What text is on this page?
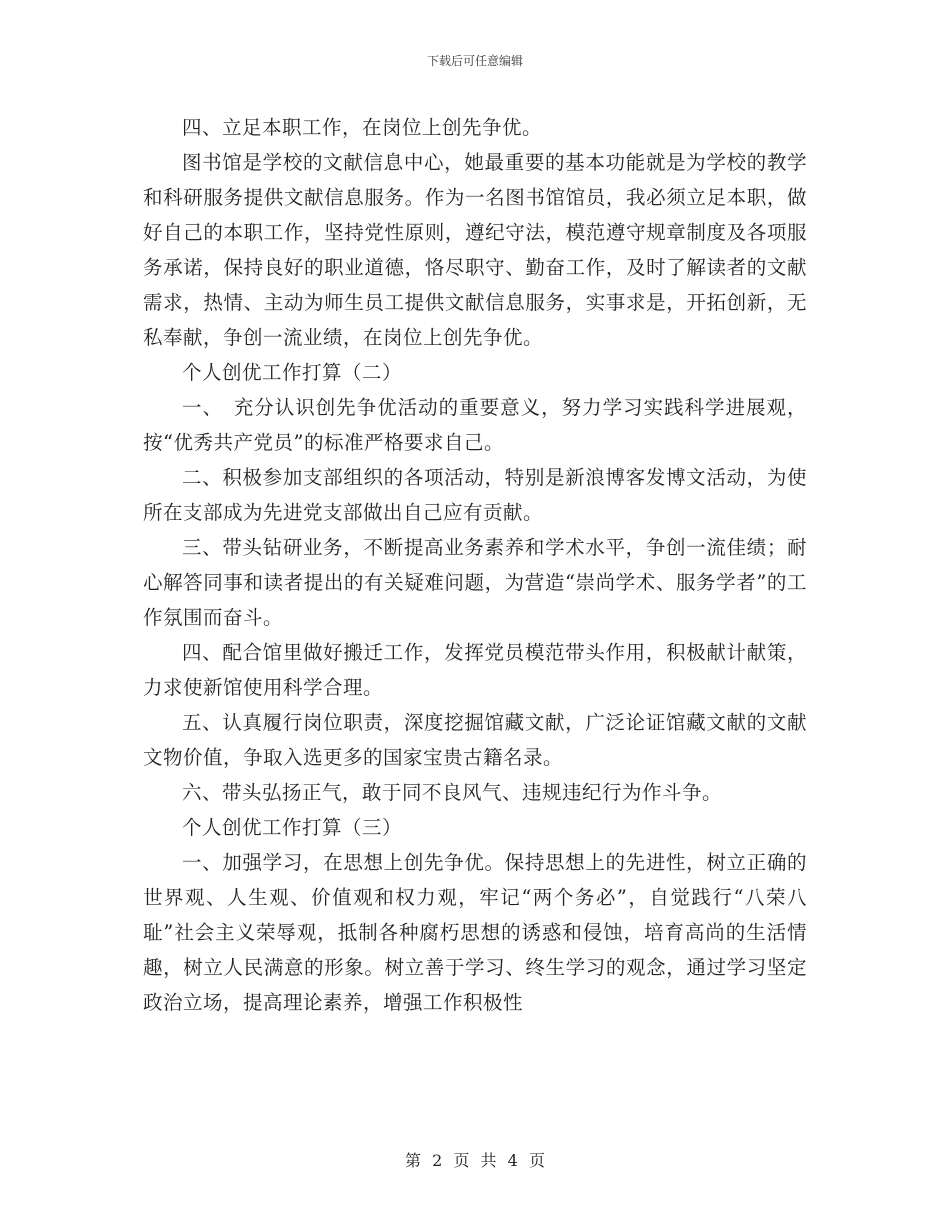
下载后可任意编辑

四、立足本职工作，在岗位上创先争优。

图书馆是学校的文献信息中心，她最重要的基本功能就是为学校的教学和科研服务提供文献信息服务。作为一名图书馆馆员，我必须立足本职，做好自己的本职工作，坚持党性原则，遵纪守法，模范遵守规章制度及各项服务承诺，保持良好的职业道德，恪尽职守、勤奋工作，及时了解读者的文献需求，热情、主动为师生员工提供文献信息服务，实事求是，开拓创新，无私奉献，争创一流业绩，在岗位上创先争优。

个人创优工作打算（二）

一、　充分认识创先争优活动的重要意义，努力学习实践科学进展观，按“优秀共产党员”的标准严格要求自己。

二、积极参加支部组织的各项活动，特别是新浪博客发博文活动，为使所在支部成为先进党支部做出自己应有贡献。

三、带头钻研业务，不断提高业务素养和学术水平，争创一流佳绩；耐心解答同事和读者提出的有关疑难问题，为营造“崇尚学术、服务学者”的工作氛围而奋斗。

四、配合馆里做好搬迁工作，发挥党员模范带头作用，积极献计献策，力求使新馆使用科学合理。

五、认真履行岗位职责，深度挖掘馆藏文献，广泛论证馆藏文献的文献文物价值，争取入选更多的国家宝贵古籍名录。

六、带头弘扬正气，敢于同不良风气、违规违纪行为作斗争。

个人创优工作打算（三）

一、加强学习，在思想上创先争优。保持思想上的先进性，树立正确的世界观、人生观、价值观和权力观，牢记“两个务必”，自觉践行“八荣八耻”社会主义荣辱观，抵制各种腐朽思想的诱惑和侵蚀，培育高尚的生活情趣，树立人民满意的形象。树立善于学习、终生学习的观念，通过学习坚定政治立场，提高理论素养，增强工作积极性

第 2 页 共 4 页
